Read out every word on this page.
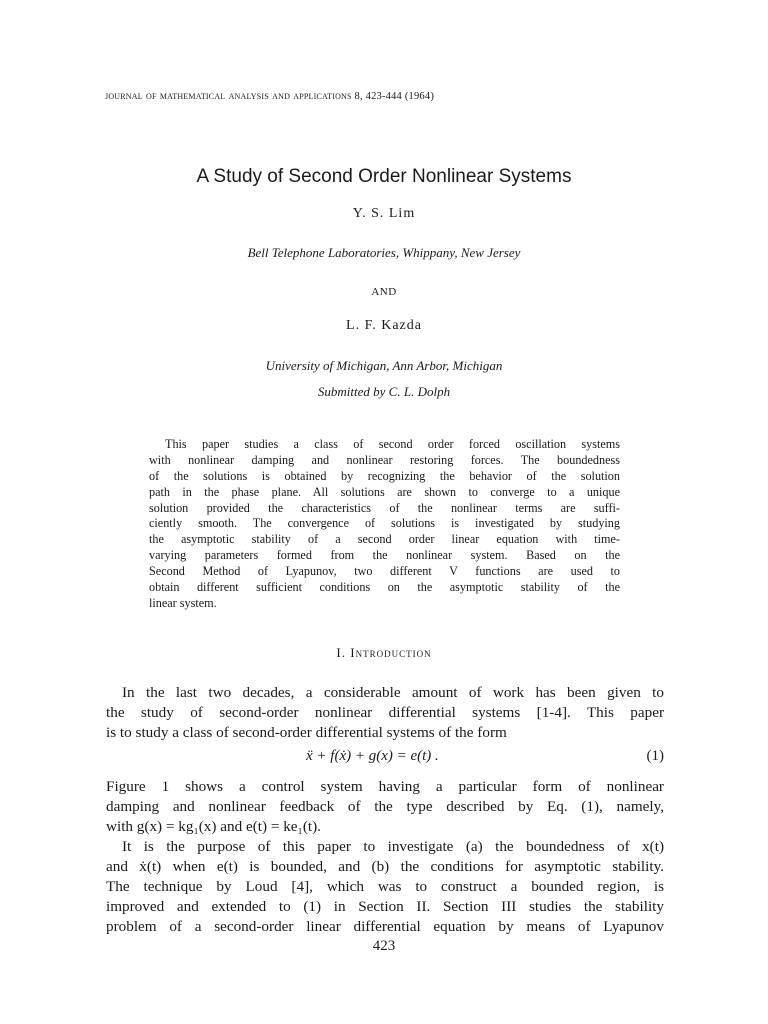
journal of mathematical analysis and applications 8, 423-444 (1964)
A Study of Second Order Nonlinear Systems
Y. S. Lim
Bell Telephone Laboratories, Whippany, New Jersey
AND
L. F. Kazda
University of Michigan, Ann Arbor, Michigan
Submitted by C. L. Dolph
This paper studies a class of second order forced oscillation systems
with nonlinear damping and nonlinear restoring forces. The boundedness
of the solutions is obtained by recognizing the behavior of the solution
path in the phase plane. All solutions are shown to converge to a unique
solution provided the characteristics of the nonlinear terms are suffi-
ciently smooth. The convergence of solutions is investigated by studying
the asymptotic stability of a second order linear equation with time-
varying parameters formed from the nonlinear system. Based on the
Second Method of Lyapunov, two different V functions are used to
obtain different sufficient conditions on the asymptotic stability of the
linear system.
I. Introduction
In the last two decades, a considerable amount of work has been given to
the study of second-order nonlinear differential systems [1-4]. This paper
is to study a class of second-order differential systems of the form
ẍ + f(ẋ) + g(x) = e(t) .	(1)
Figure 1 shows a control system having a particular form of nonlinear
damping and nonlinear feedback of the type described by Eq. (1), namely,
with g(x) = kg₁(x) and e(t) = ke₁(t).
It is the purpose of this paper to investigate (a) the boundedness of x(t)
and ẋ(t) when e(t) is bounded, and (b) the conditions for asymptotic stability.
The technique by Loud [4], which was to construct a bounded region, is
improved and extended to (1) in Section II. Section III studies the stability
problem of a second-order linear differential equation by means of Lyapunov
423
